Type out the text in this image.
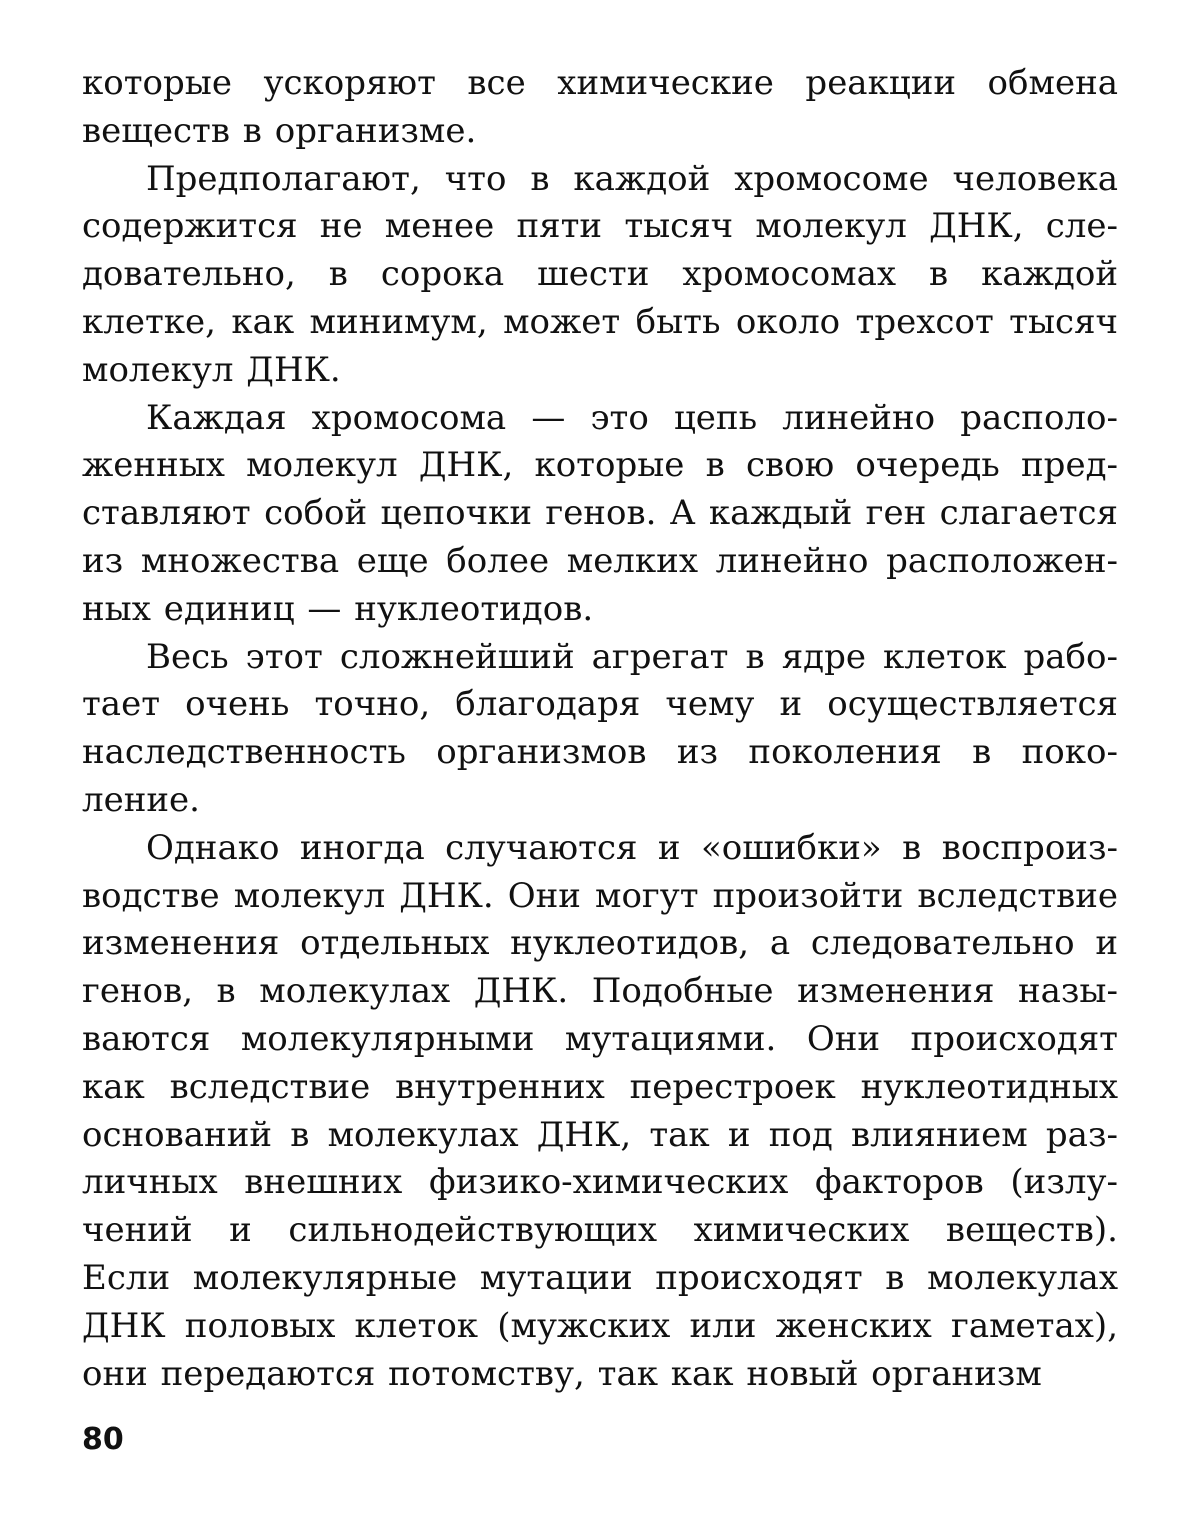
которые ускоряют все химические реакции обмена веществ в организме.

Предполагают, что в каждой хромосоме человека содержится не менее пяти тысяч молекул ДНК, следовательно, в сорока шести хромосомах в каждой клетке, как минимум, может быть около трехсот тысяч молекул ДНК.

Каждая хромосома — это цепь линейно расположенных молекул ДНК, которые в свою очередь представляют собой цепочки генов. А каждый ген слагается из множества еще более мелких линейно расположенных единиц — нуклеотидов.

Весь этот сложнейший агрегат в ядре клеток работает очень точно, благодаря чему и осуществляется наследственность организмов из поколения в поколение.

Однако иногда случаются и «ошибки» в воспроизводстве молекул ДНК. Они могут произойти вследствие изменения отдельных нуклеотидов, а следовательно и генов, в молекулах ДНК. Подобные изменения называются молекулярными мутациями. Они происходят как вследствие внутренних перестроек нуклеотидных оснований в молекулах ДНК, так и под влиянием различных внешних физико-химических факторов (излучений и сильнодействующих химических веществ). Если молекулярные мутации происходят в молекулах ДНК половых клеток (мужских или женских гаметах), они передаются потомству, так как новый организм

80
